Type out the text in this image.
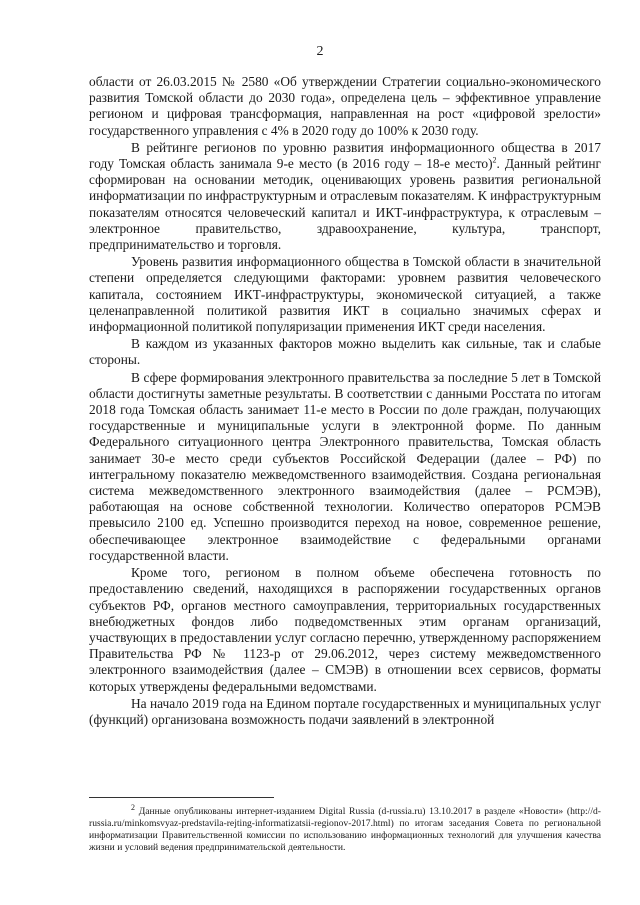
2

области от 26.03.2015 № 2580 «Об утверждении Стратегии социально-экономического развития Томской области до 2030 года», определена цель – эффективное управление регионом и цифровая трансформация, направленная на рост «цифровой зрелости» государственного управления с 4% в 2020 году до 100% к 2030 году.

В рейтинге регионов по уровню развития информационного общества в 2017 году Томская область занимала 9-е место (в 2016 году – 18-е место)$^2$. Данный рейтинг сформирован на основании методик, оценивающих уровень развития региональной информатизации по инфраструктурным и отраслевым показателям. К инфраструктурным показателям относятся человеческий капитал и ИКТ-инфраструктура, к отраслевым – электронное правительство, здравоохранение, культура, транспорт, предпринимательство и торговля.

Уровень развития информационного общества в Томской области в значительной степени определяется следующими факторами: уровнем развития человеческого капитала, состоянием ИКТ-инфраструктуры, экономической ситуацией, а также целенаправленной политикой развития ИКТ в социально значимых сферах и информационной политикой популяризации применения ИКТ среди населения.

В каждом из указанных факторов можно выделить как сильные, так и слабые стороны.

В сфере формирования электронного правительства за последние 5 лет в Томской области достигнуты заметные результаты. В соответствии с данными Росстата по итогам 2018 года Томская область занимает 11-е место в России по доле граждан, получающих государственные и муниципальные услуги в электронной форме. По данным Федерального ситуационного центра Электронного правительства, Томская область занимает 30-е место среди субъектов Российской Федерации (далее – РФ) по интегральному показателю межведомственного взаимодействия. Создана региональная система межведомственного электронного взаимодействия (далее – РСМЭВ), работающая на основе собственной технологии. Количество операторов РСМЭВ превысило 2100 ед. Успешно производится переход на новое, современное решение, обеспечивающее электронное взаимодействие с федеральными органами государственной власти.

Кроме того, регионом в полном объеме обеспечена готовность по предоставлению сведений, находящихся в распоряжении государственных органов субъектов РФ, органов местного самоуправления, территориальных государственных внебюджетных фондов либо подведомственных этим органам организаций, участвующих в предоставлении услуг согласно перечню, утвержденному распоряжением Правительства РФ № 1123-р от 29.06.2012, через систему межведомственного электронного взаимодействия (далее – СМЭВ) в отношении всех сервисов, форматы которых утверждены федеральными ведомствами.

На начало 2019 года на Едином портале государственных и муниципальных услуг (функций) организована возможность подачи заявлений в электронной

$^2$ Данные опубликованы интернет-изданием Digital Russia (d-russia.ru) 13.10.2017 в разделе «Новости» (http://d-russia.ru/minkomsvyaz-predstavila-rejting-informatizatsii-regionov-2017.html) по итогам заседания Совета по региональной информатизации Правительственной комиссии по использованию информационных технологий для улучшения качества жизни и условий ведения предпринимательской деятельности.
